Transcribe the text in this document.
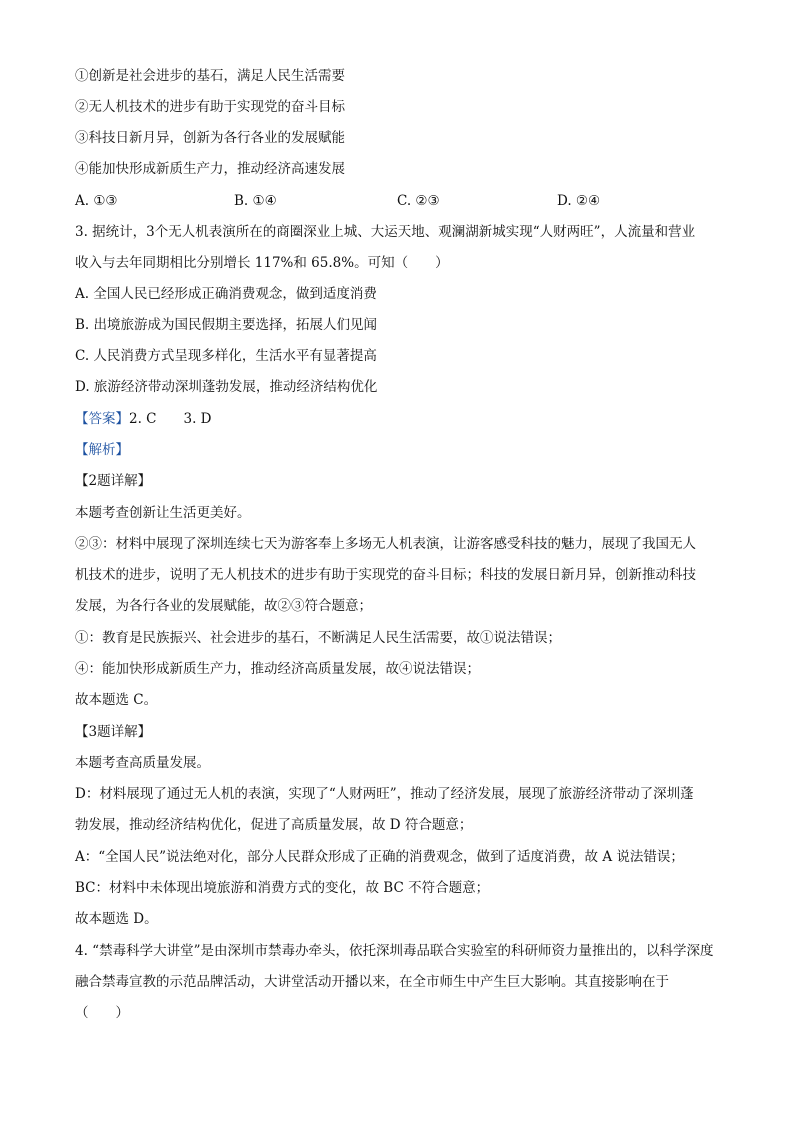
①创新是社会进步的基石，满足人民生活需要
②无人机技术的进步有助于实现党的奋斗目标
③科技日新月异，创新为各行各业的发展赋能
④能加快形成新质生产力，推动经济高速发展
A. ①③	B. ①④	C. ②③	D. ②④
3. 据统计，3个无人机表演所在的商圈深业上城、大运天地、观澜湖新城实现“人财两旺”，人流量和营业
收入与去年同期相比分别增长 117%和 65.8%。可知（　　）
A. 全国人民已经形成正确消费观念，做到适度消费
B. 出境旅游成为国民假期主要选择，拓展人们见闻
C. 人民消费方式呈现多样化，生活水平有显著提高
D. 旅游经济带动深圳蓬勃发展，推动经济结构优化
【答案】2. C　　3. D
【解析】
【2题详解】
本题考查创新让生活更美好。
②③：材料中展现了深圳连续七天为游客奉上多场无人机表演，让游客感受科技的魅力，展现了我国无人
机技术的进步，说明了无人机技术的进步有助于实现党的奋斗目标；科技的发展日新月异，创新推动科技
发展，为各行各业的发展赋能，故②③符合题意；
①：教育是民族振兴、社会进步的基石，不断满足人民生活需要，故①说法错误；
④：能加快形成新质生产力，推动经济高质量发展，故④说法错误；
故本题选 C。
【3题详解】
本题考查高质量发展。
D：材料展现了通过无人机的表演，实现了“人财两旺”，推动了经济发展，展现了旅游经济带动了深圳蓬
勃发展，推动经济结构优化，促进了高质量发展，故 D 符合题意；
A：“全国人民”说法绝对化，部分人民群众形成了正确的消费观念，做到了适度消费，故 A 说法错误；
BC：材料中未体现出境旅游和消费方式的变化，故 BC 不符合题意；
故本题选 D。
4. “禁毒科学大讲堂”是由深圳市禁毒办牵头，依托深圳毒品联合实验室的科研师资力量推出的，以科学深度
融合禁毒宣教的示范品牌活动，大讲堂活动开播以来，在全市师生中产生巨大影响。其直接影响在于
（　　）
